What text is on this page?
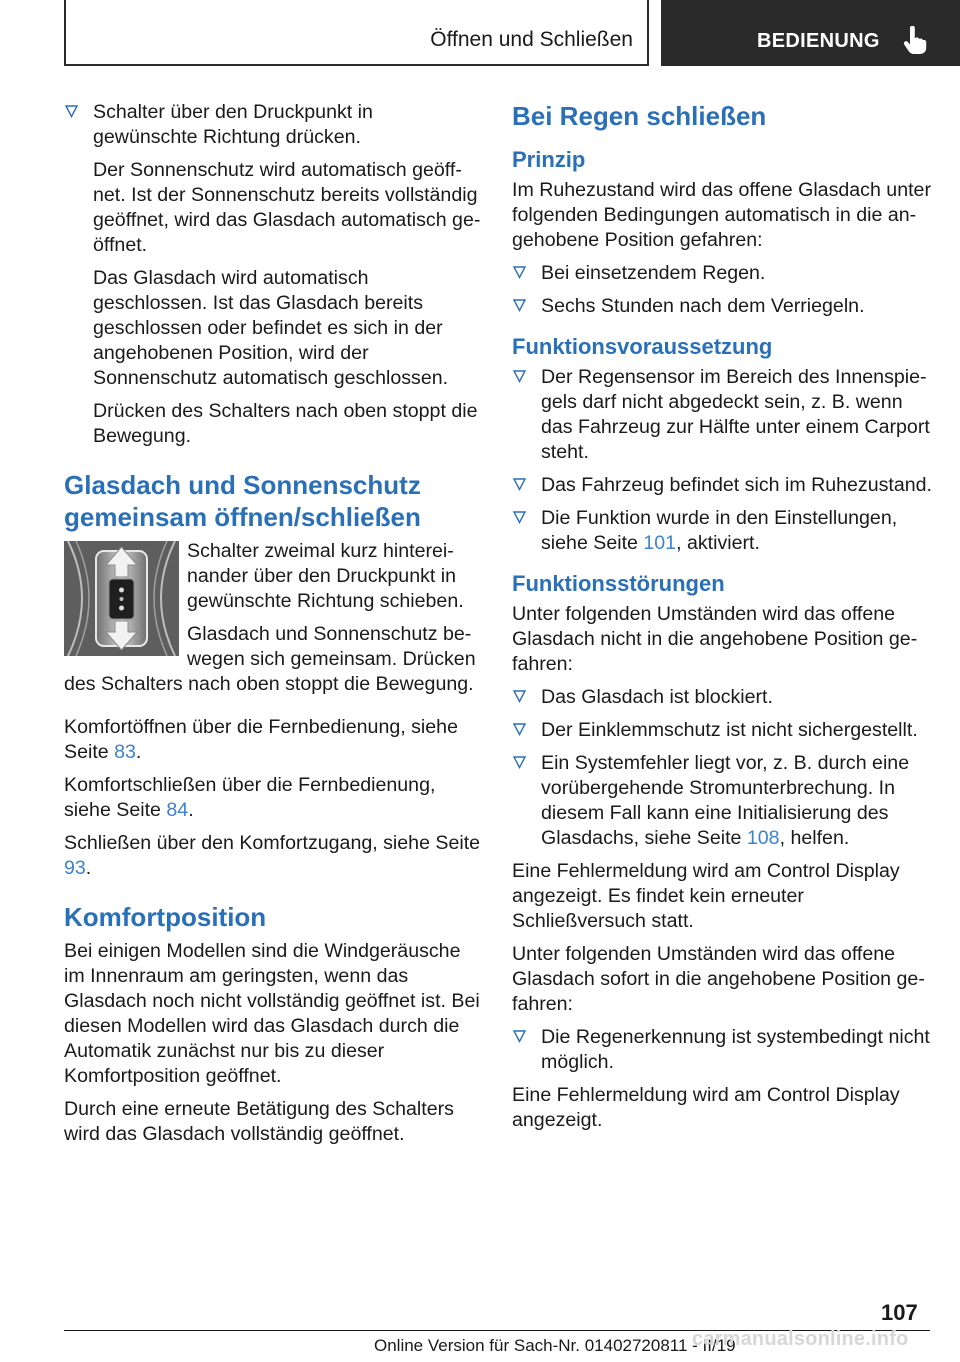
Öffnen und Schließen	BEDIENUNG
Schalter über den Druckpunkt in gewünschte Richtung drücken.

Der Sonnenschutz wird automatisch geöffnet. Ist der Sonnenschutz bereits vollständig geöffnet, wird das Glasdach automatisch geöffnet.

Das Glasdach wird automatisch geschlossen. Ist das Glasdach bereits geschlossen oder befindet es sich in der angehobenen Position, wird der Sonnenschutz automatisch geschlossen.

Drücken des Schalters nach oben stoppt die Bewegung.

Glasdach und Sonnenschutz gemeinsam öffnen/schließen

Schalter zweimal kurz hintereinander über den Druckpunkt in gewünschte Richtung schieben.

Glasdach und Sonnenschutz bewegen sich gemeinsam. Drücken des Schalters nach oben stoppt die Bewegung.

Komfortöffnen über die Fernbedienung, siehe Seite 83.

Komfortschließen über die Fernbedienung, siehe Seite 84.

Schließen über den Komfortzugang, siehe Seite 93.

Komfortposition

Bei einigen Modellen sind die Windgeräusche im Innenraum am geringsten, wenn das Glasdach noch nicht vollständig geöffnet ist. Bei diesen Modellen wird das Glasdach durch die Automatik zunächst nur bis zu dieser Komfortposition geöffnet.

Durch eine erneute Betätigung des Schalters wird das Glasdach vollständig geöffnet.

Bei Regen schließen
Prinzip

Im Ruhezustand wird das offene Glasdach unter folgenden Bedingungen automatisch in die angehobene Position gefahren:

Bei einsetzendem Regen.
Sechs Stunden nach dem Verriegeln.
Funktionsvoraussetzung
Der Regensensor im Bereich des Innenspiegels darf nicht abgedeckt sein, z. B. wenn das Fahrzeug zur Hälfte unter einem Carport steht.
Das Fahrzeug befindet sich im Ruhezustand.
Die Funktion wurde in den Einstellungen, siehe Seite 101, aktiviert.
Funktionsstörungen

Unter folgenden Umständen wird das offene Glasdach nicht in die angehobene Position gefahren:

Das Glasdach ist blockiert.
Der Einklemmschutz ist nicht sichergestellt.
Ein Systemfehler liegt vor, z. B. durch eine vorübergehende Stromunterbrechung. In diesem Fall kann eine Initialisierung des Glasdachs, siehe Seite 108, helfen.

Eine Fehlermeldung wird am Control Display angezeigt. Es findet kein erneuter Schließversuch statt.

Unter folgenden Umständen wird das offene Glasdach sofort in die angehobene Position gefahren:

Die Regenerkennung ist systembedingt nicht möglich.

Eine Fehlermeldung wird am Control Display angezeigt.

107
Online Version für Sach-Nr. 01402720811 - II/19
carmanualsonline.info
